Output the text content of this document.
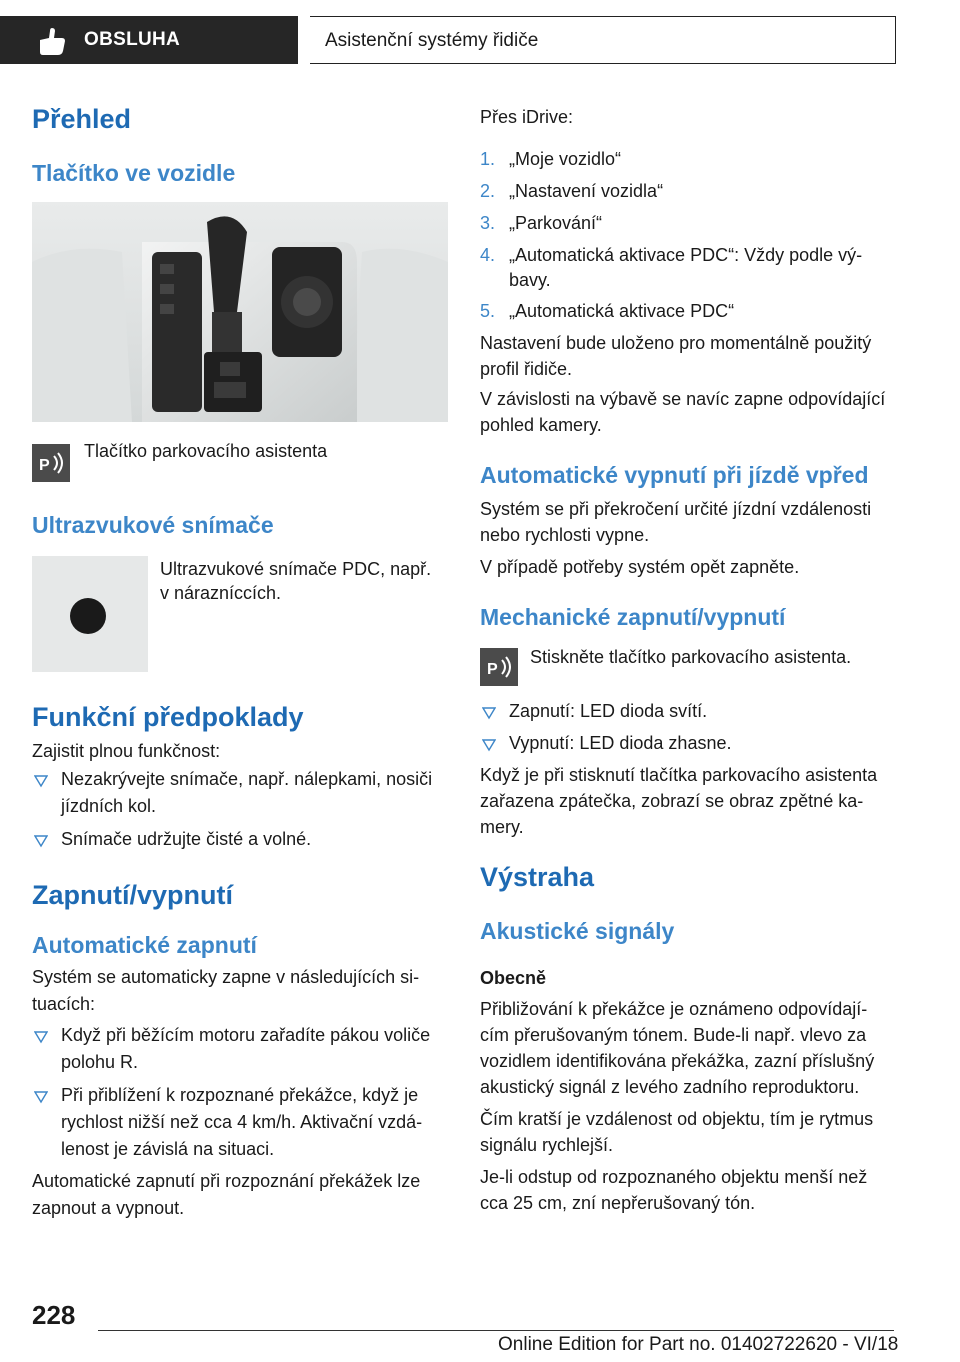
OBSLUHA	Asistenční systémy řidiče
Přehled
Tlačítko ve vozidle
P
Tlačítko parkovacího asistenta
Ultrazvukové snímače
Ultrazvukové snímače PDC, např.
v nárazníccích.
Funkční předpoklady
Zajistit plnou funkčnost:
Nezakrývejte snímače, např. nálepkami, nosiči
jízdních kol.
Snímače udržujte čisté a volné.
Zapnutí/vypnutí
Automatické zapnutí
Systém se automaticky zapne v následujících si-
tuacích:
Když při běžícím motoru zařadíte pákou voliče
polohu R.
Při přiblížení k rozpoznané překážce, když je
rychlost nižší než cca 4 km/h. Aktivační vzdá-
lenost je závislá na situaci.
Automatické zapnutí při rozpoznání překážek lze
zapnout a vypnout.
Přes iDrive:
1. „Moje vozidlo“
2. „Nastavení vozidla“
3. „Parkování“
4. „Automatická aktivace PDC“: Vždy podle vý-
bavy.
5. „Automatická aktivace PDC“
Nastavení bude uloženo pro momentálně použitý
profil řidiče.
V závislosti na výbavě se navíc zapne odpovídající
pohled kamery.
Automatické vypnutí při jízdě vpřed
Systém se při překročení určité jízdní vzdálenosti
nebo rychlosti vypne.
V případě potřeby systém opět zapněte.
Mechanické zapnutí/vypnutí
P
Stiskněte tlačítko parkovacího asistenta.
Zapnutí: LED dioda svítí.
Vypnutí: LED dioda zhasne.
Když je při stisknutí tlačítka parkovacího asistenta
zařazena zpátečka, zobrazí se obraz zpětné ka-
mery.
Výstraha
Akustické signály
Obecně
Přibližování k překážce je oznámeno odpovídají-
cím přerušovaným tónem. Bude-li např. vlevo za
vozidlem identifikována překážka, zazní příslušný
akustický signál z levého zadního reproduktoru.
Čím kratší je vzdálenost od objektu, tím je rytmus
signálu rychlejší.
Je-li odstup od rozpoznaného objektu menší než
cca 25 cm, zní nepřerušovaný tón.
228
Online Edition for Part no. 01402722620 - VI/18
